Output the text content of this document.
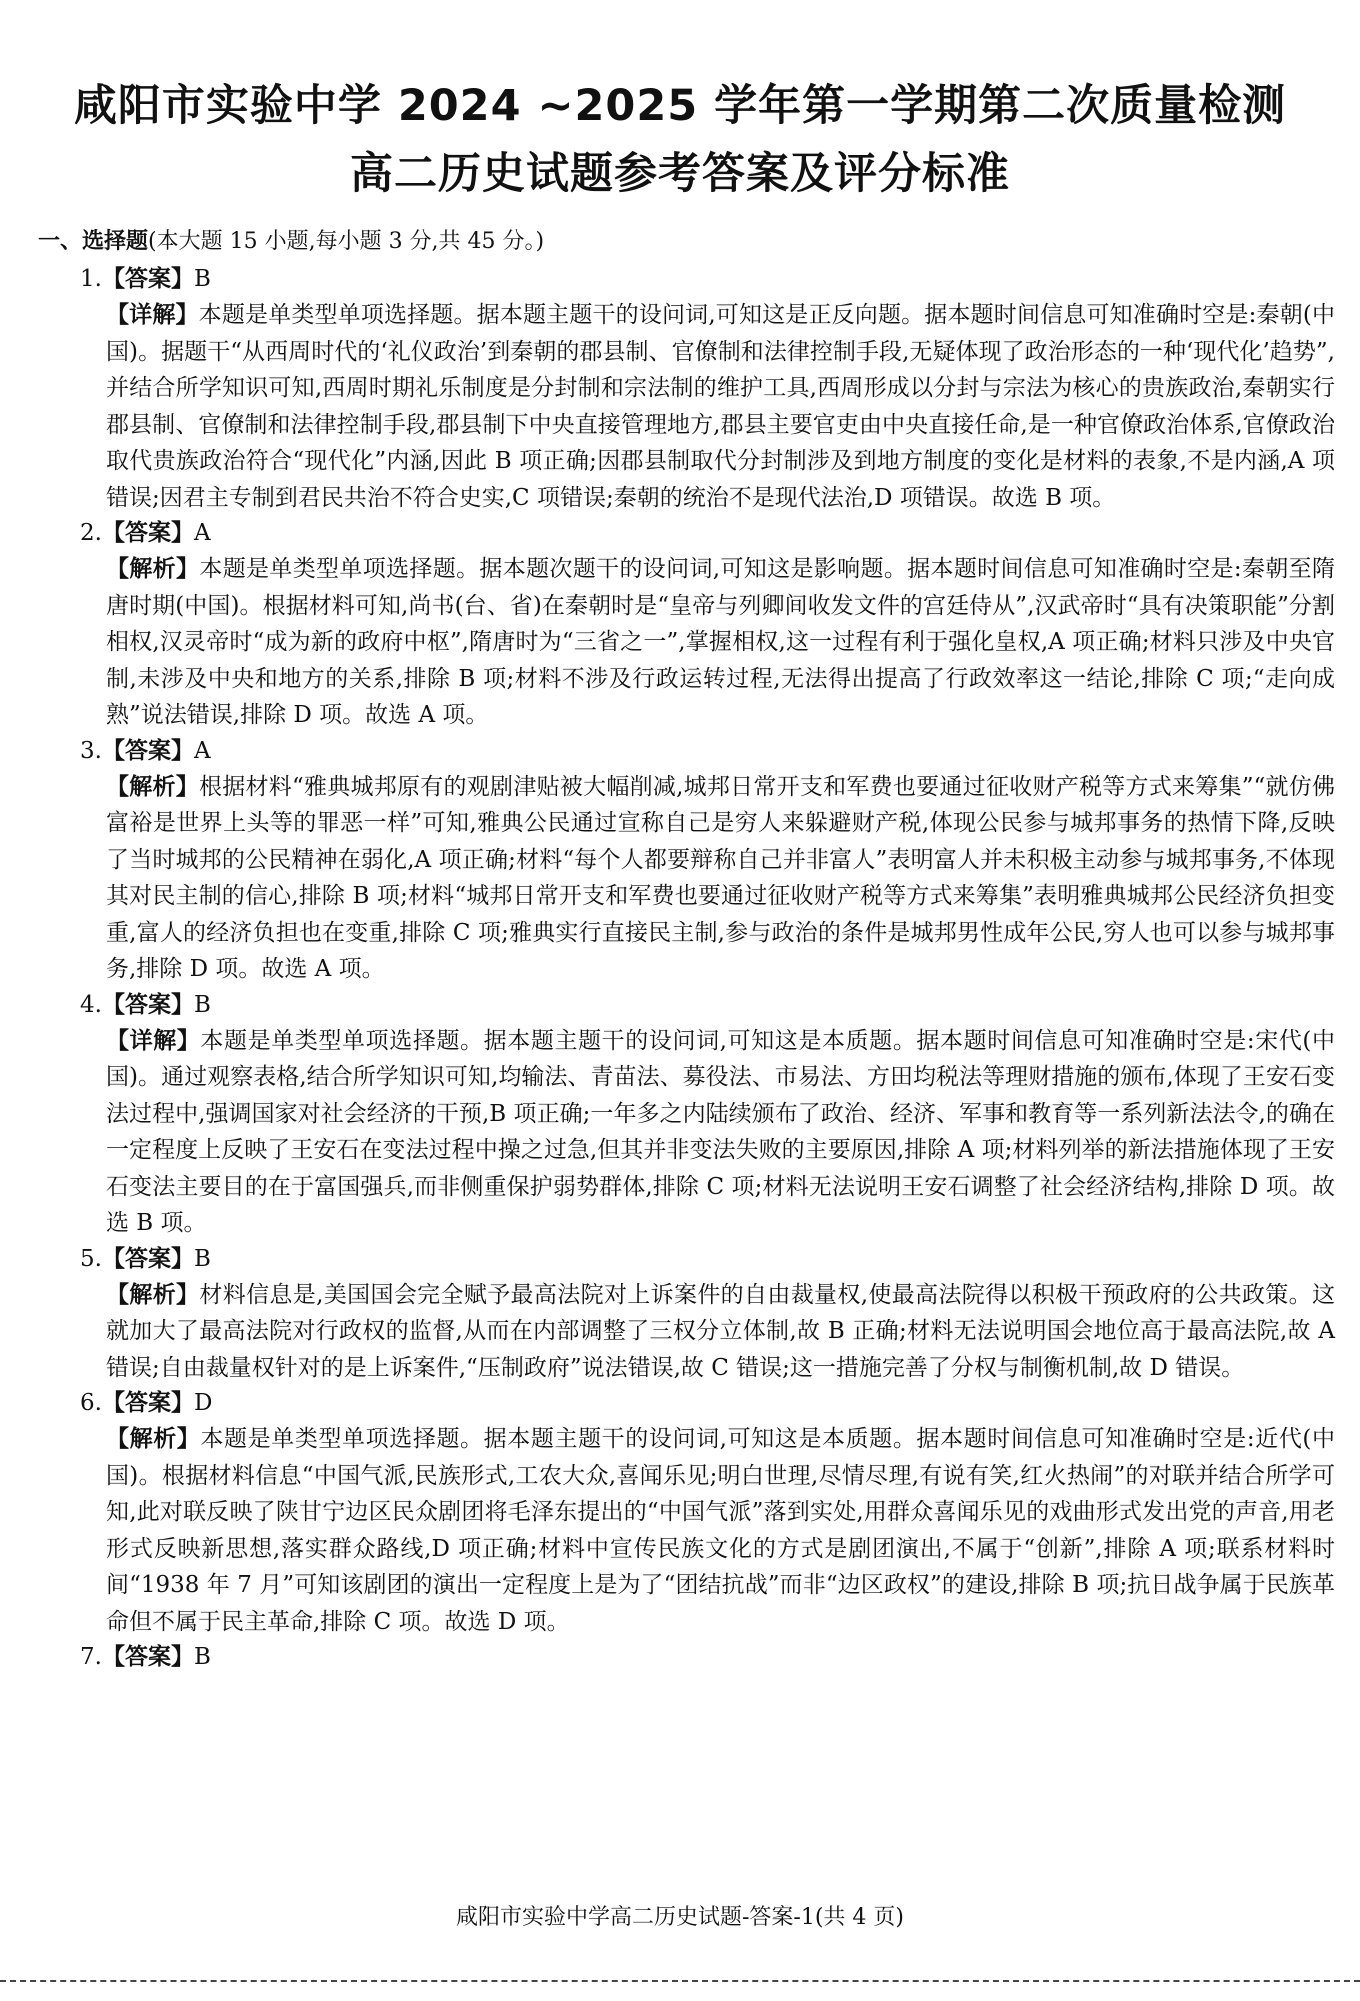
咸阳市实验中学 2024 ~2025 学年第一学期第二次质量检测
高二历史试题参考答案及评分标准
一、选择题(本大题 15 小题,每小题 3 分,共 45 分。)
1.【答案】B

【详解】本题是单类型单项选择题。据本题主题干的设问词,可知这是正反向题。据本题时间信息可知准确时空是:秦朝(中国)。据题干“从西周时代的‘礼仪政治’到秦朝的郡县制、官僚制和法律控制手段,无疑体现了政治形态的一种‘现代化’趋势”,并结合所学知识可知,西周时期礼乐制度是分封制和宗法制的维护工具,西周形成以分封与宗法为核心的贵族政治,秦朝实行郡县制、官僚制和法律控制手段,郡县制下中央直接管理地方,郡县主要官吏由中央直接任命,是一种官僚政治体系,官僚政治取代贵族政治符合“现代化”内涵,因此 B 项正确;因郡县制取代分封制涉及到地方制度的变化是材料的表象,不是内涵,A 项错误;因君主专制到君民共治不符合史实,C 项错误;秦朝的统治不是现代法治,D 项错误。故选 B 项。

2.【答案】A

【解析】本题是单类型单项选择题。据本题次题干的设问词,可知这是影响题。据本题时间信息可知准确时空是:秦朝至隋唐时期(中国)。根据材料可知,尚书(台、省)在秦朝时是“皇帝与列卿间收发文件的宫廷侍从”,汉武帝时“具有决策职能”分割相权,汉灵帝时“成为新的政府中枢”,隋唐时为“三省之一”,掌握相权,这一过程有利于强化皇权,A 项正确;材料只涉及中央官制,未涉及中央和地方的关系,排除 B 项;材料不涉及行政运转过程,无法得出提高了行政效率这一结论,排除 C 项;“走向成熟”说法错误,排除 D 项。故选 A 项。

3.【答案】A

【解析】根据材料“雅典城邦原有的观剧津贴被大幅削减,城邦日常开支和军费也要通过征收财产税等方式来筹集”“就仿佛富裕是世界上头等的罪恶一样”可知,雅典公民通过宣称自己是穷人来躲避财产税,体现公民参与城邦事务的热情下降,反映了当时城邦的公民精神在弱化,A 项正确;材料“每个人都要辩称自己并非富人”表明富人并未积极主动参与城邦事务,不体现其对民主制的信心,排除 B 项;材料“城邦日常开支和军费也要通过征收财产税等方式来筹集”表明雅典城邦公民经济负担变重,富人的经济负担也在变重,排除 C 项;雅典实行直接民主制,参与政治的条件是城邦男性成年公民,穷人也可以参与城邦事务,排除 D 项。故选 A 项。

4.【答案】B

【详解】本题是单类型单项选择题。据本题主题干的设问词,可知这是本质题。据本题时间信息可知准确时空是:宋代(中国)。通过观察表格,结合所学知识可知,均输法、青苗法、募役法、市易法、方田均税法等理财措施的颁布,体现了王安石变法过程中,强调国家对社会经济的干预,B 项正确;一年多之内陆续颁布了政治、经济、军事和教育等一系列新法法令,的确在一定程度上反映了王安石在变法过程中操之过急,但其并非变法失败的主要原因,排除 A 项;材料列举的新法措施体现了王安石变法主要目的在于富国强兵,而非侧重保护弱势群体,排除 C 项;材料无法说明王安石调整了社会经济结构,排除 D 项。故选 B 项。

5.【答案】B

【解析】材料信息是,美国国会完全赋予最高法院对上诉案件的自由裁量权,使最高法院得以积极干预政府的公共政策。这就加大了最高法院对行政权的监督,从而在内部调整了三权分立体制,故 B 正确;材料无法说明国会地位高于最高法院,故 A 错误;自由裁量权针对的是上诉案件,“压制政府”说法错误,故 C 错误;这一措施完善了分权与制衡机制,故 D 错误。

6.【答案】D

【解析】本题是单类型单项选择题。据本题主题干的设问词,可知这是本质题。据本题时间信息可知准确时空是:近代(中国)。根据材料信息“中国气派,民族形式,工农大众,喜闻乐见;明白世理,尽情尽理,有说有笑,红火热闹”的对联并结合所学可知,此对联反映了陕甘宁边区民众剧团将毛泽东提出的“中国气派”落到实处,用群众喜闻乐见的戏曲形式发出党的声音,用老形式反映新思想,落实群众路线,D 项正确;材料中宣传民族文化的方式是剧团演出,不属于“创新”,排除 A 项;联系材料时间“1938 年 7 月”可知该剧团的演出一定程度上是为了“团结抗战”而非“边区政权”的建设,排除 B 项;抗日战争属于民族革命但不属于民主革命,排除 C 项。故选 D 项。

7.【答案】B
咸阳市实验中学高二历史试题-答案-1(共 4 页)
